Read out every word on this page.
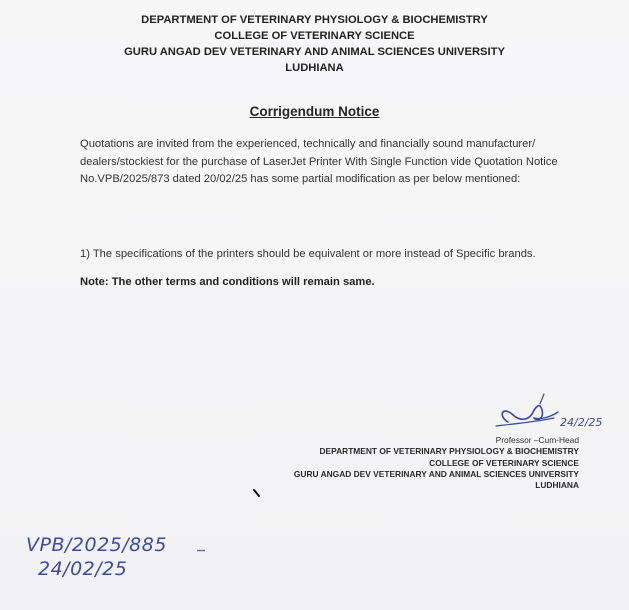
DEPARTMENT OF VETERINARY PHYSIOLOGY & BIOCHEMISTRY
COLLEGE OF VETERINARY SCIENCE
GURU ANGAD DEV VETERINARY AND ANIMAL SCIENCES UNIVERSITY
LUDHIANA
Corrigendum Notice
Quotations are invited from the experienced, technically and financially sound manufacturer/ dealers/stockiest for the purchase of LaserJet Printer With Single Function vide Quotation Notice No.VPB/2025/873 dated 20/02/25 has some partial modification as per below mentioned:
1) The specifications of the printers should be equivalent or more instead of Specific brands.
Note: The other terms and conditions will remain same.
24/2/25
Professor –Cum-Head
DEPARTMENT OF VETERINARY PHYSIOLOGY & BIOCHEMISTRY
COLLEGE OF VETERINARY SCIENCE
GURU ANGAD DEV VETERINARY AND ANIMAL SCIENCES UNIVERSITY
LUDHIANA
VPB/2025/885
24/02/25
